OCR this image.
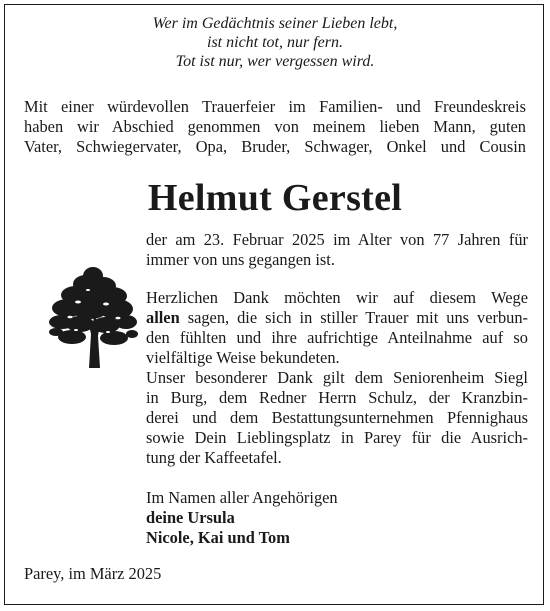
Wer im Gedächtnis seiner Lieben lebt,
ist nicht tot, nur fern.
Tot ist nur, wer vergessen wird.
Mit einer würdevollen Trauerfeier im Familien- und Freundeskreis
haben wir Abschied genommen von meinem lieben Mann, guten
Vater, Schwiegervater, Opa, Bruder, Schwager, Onkel und Cousin
Helmut Gerstel
der am 23. Februar 2025 im Alter von 77 Jahren für
immer von uns gegangen ist.
Herzlichen Dank möchten wir auf diesem Wege
allen sagen, die sich in stiller Trauer mit uns verbun-
den fühlten und ihre aufrichtige Anteilnahme auf so
vielfältige Weise bekundeten.
Unser besonderer Dank gilt dem Seniorenheim Siegl
in Burg, dem Redner Herrn Schulz, der Kranzbin-
derei und dem Bestattungsunternehmen Pfennighaus
sowie Dein Lieblingsplatz in Parey für die Ausrich-
tung der Kaffeetafel.
Im Namen aller Angehörigen
deine Ursula
Nicole, Kai und Tom
Parey, im März 2025
